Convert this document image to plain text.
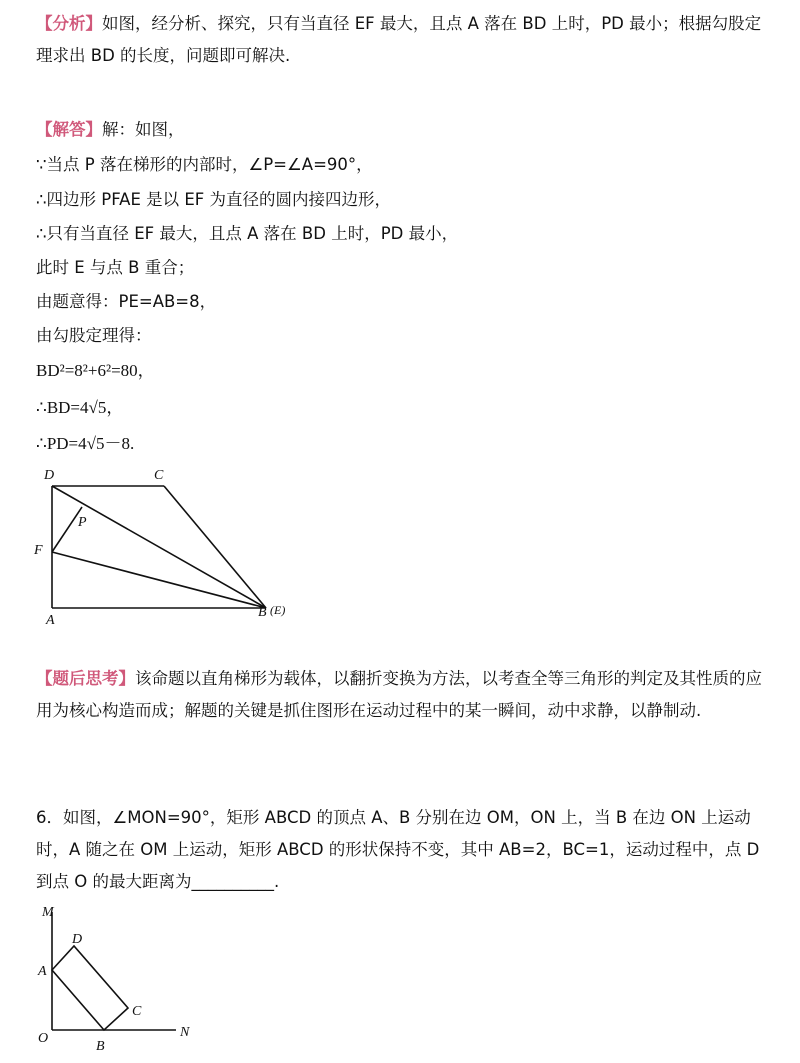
【分析】如图，经分析、探究，只有当直径 EF 最大，且点 A 落在 BD 上时，PD 最小；根据勾股定理求出 BD 的长度，问题即可解决.

【解答】解：如图，
∵当点 P 落在梯形的内部时，∠P=∠A=90°，
∴四边形 PFAE 是以 EF 为直径的圆内接四边形，
∴只有当直径 EF 最大，且点 A 落在 BD 上时，PD 最小，
此时 E 与点 B 重合；
由题意得：PE=AB=8，
由勾股定理得：
BD²=8²+6²=80，
∴BD=4√5，
∴PD=4√5－8.
D	C
P
F
A
B (E)

【题后思考】该命题以直角梯形为载体，以翻折变换为方法，以考查全等三角形的判定及其性质的应用为核心构造而成；解题的关键是抓住图形在运动过程中的某一瞬间，动中求静，以静制动.

6．如图，∠MON=90°，矩形 ABCD 的顶点 A、B 分别在边 OM，ON 上，当 B 在边 ON 上运动时，A 随之在 OM 上运动，矩形 ABCD 的形状保持不变，其中 AB=2，BC=1，运动过程中，点 D 到点 O 的最大距离为__________.

M
D
A
C
O
B
N
